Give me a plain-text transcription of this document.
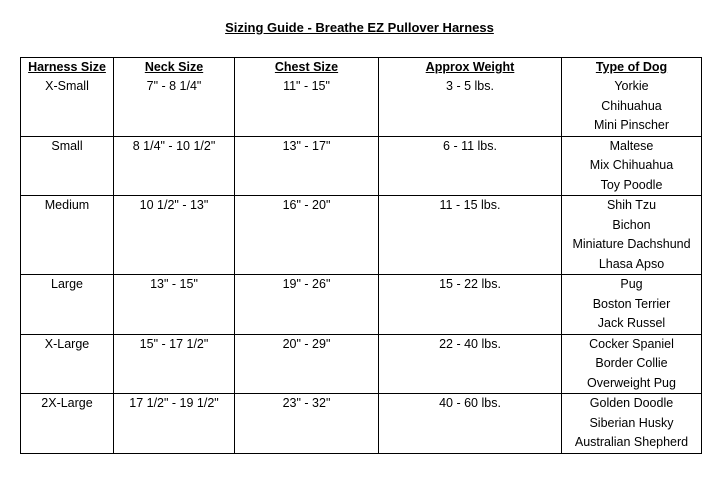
Sizing Guide - Breathe EZ Pullover Harness
Harness Size	Neck Size	Chest Size	Approx Weight	Type of Dog
X-Small	7" - 8 1/4"	11" - 15"	3 - 5 lbs.	Yorkie
Chihuahua
Mini Pinscher

Small	8 1/4" - 10 1/2"	13" - 17"	6 - 11 lbs.	Maltese
Mix Chihuahua
Toy Poodle

Medium	10 1/2" - 13"	16" - 20"	11 - 15 lbs.	Shih Tzu
Bichon
Miniature Dachshund
Lhasa Apso

Large	13" - 15"	19" - 26"	15 - 22 lbs.	Pug
Boston Terrier
Jack Russel

X-Large	15" - 17 1/2"	20" - 29"	22 - 40 lbs.	Cocker Spaniel
Border Collie
Overweight Pug

2X-Large	17 1/2" - 19 1/2"	23" - 32"	40 - 60 lbs.	Golden Doodle
Siberian Husky
Australian Shepherd
